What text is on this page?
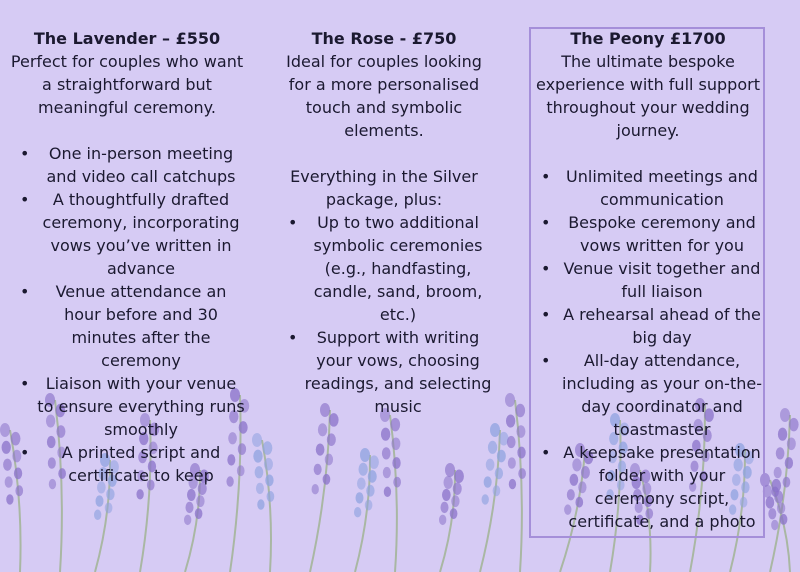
The Lavender – £550

Perfect for couples who want

a straightforward but

meaningful ceremony.

•	One in-person meeting
and video call catchups
•	A thoughtfully drafted
ceremony, incorporating
vows you’ve written in
advance
•	Venue attendance an
hour before and 30
minutes after the
ceremony
•	Liaison with your venue
to ensure everything runs
smoothly
•	A printed script and
certificate to keep

The Rose - £750

Ideal for couples looking

for a more personalised

touch and symbolic

elements.

Everything in the Silver

package, plus:

•	Up to two additional
symbolic ceremonies
(e.g., handfasting,
candle, sand, broom,
etc.)
•	Support with writing
your vows, choosing
readings, and selecting
music

The Peony £1700

The ultimate bespoke

experience with full support

throughout your wedding

journey.

• Unlimited meetings and
communication
•	Bespoke ceremony and
vows written for you
• Venue visit together and
full liaison
• A rehearsal ahead of the
big day
•	All-day attendance,
including as your on-the-
day coordinator and
toastmaster
• A keepsake presentation
folder with your
ceremony script,
certificate, and a photo
